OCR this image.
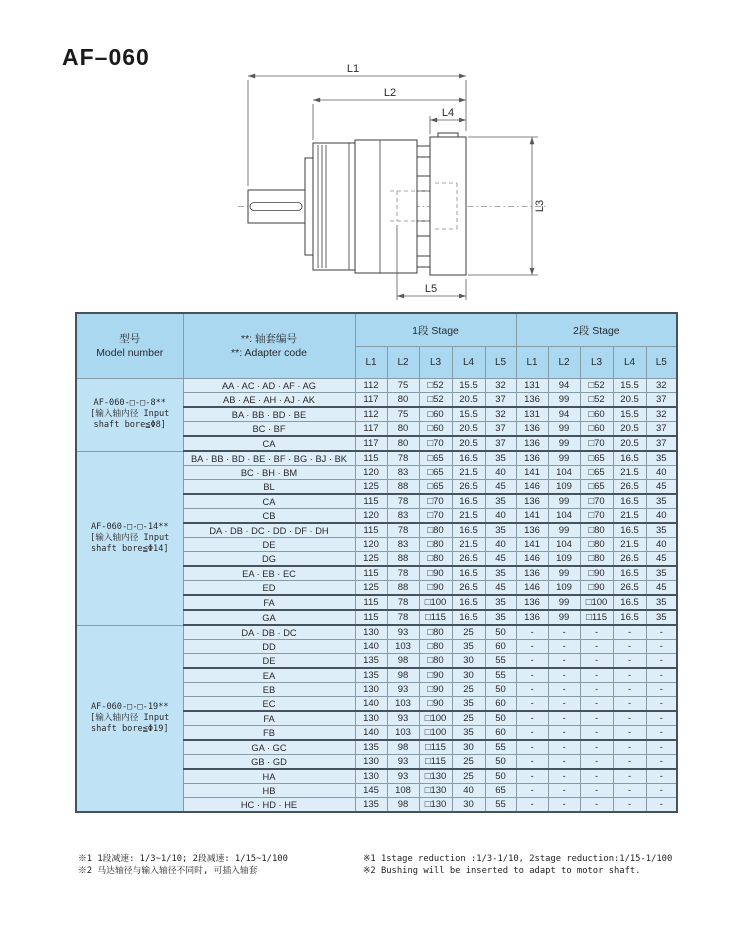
AF–060	L1
L2
L4
L3
L5
型号
Model number

**: 轴套编号
**: Adapter code
	1段 Stage	2段 Stage
		L1	L2	L3	L4	L5	L1	L2	L3	L4	L5

AF-060-□-□-8**
[输入轴内径 Input
shaft bore≦Φ8]	AA · AC · AD · AF · AG	112	75	□52	15.5	32	131	94	□52	15.5	32
	AB · AE · AH · AJ · AK	117	80	□52	20.5	37	136	99	□52	20.5	37
	BA · BB · BD · BE	112	75	□60	15.5	32	131	94	□60	15.5	32
	BC · BF	117	80	□60	20.5	37	136	99	□60	20.5	37
	CA	117	80	□70	20.5	37	136	99	□70	20.5	37

AF-060-□-□-14**
[输入轴内径 Input
shaft bore≦Φ14]	BA · BB · BD · BE · BF · BG · BJ · BK	115	78	□65	16.5	35	136	99	□65	16.5	35
	BC · BH · BM	120	83	□65	21.5	40	141	104	□65	21.5	40
	BL	125	88	□65	26.5	45	146	109	□65	26.5	45
	CA	115	78	□70	16.5	35	136	99	□70	16.5	35
	CB	120	83	□70	21.5	40	141	104	□70	21.5	40
	DA · DB · DC · DD · DF · DH	115	78	□80	16.5	35	136	99	□80	16.5	35
	DE	120	83	□80	21.5	40	141	104	□80	21.5	40
	DG	125	88	□80	26.5	45	146	109	□80	26.5	45
	EA · EB · EC	115	78	□90	16.5	35	136	99	□90	16.5	35
	ED	125	88	□90	26.5	45	146	109	□90	26.5	45
	FA	115	78	□100	16.5	35	136	99	□100	16.5	35
	GA	115	78	□115	16.5	35	136	99	□115	16.5	35

AF-060-□-□-19**
[输入轴内径 Input
shaft bore≦Φ19]	DA · DB · DC	130	93	□80	25	50	-	-	-	-	-
	DD	140	103	□80	35	60	-	-	-	-	-
	DE	135	98	□80	30	55	-	-	-	-	-
	EA	135	98	□90	30	55	-	-	-	-	-
	EB	130	93	□90	25	50	-	-	-	-	-
	EC	140	103	□90	35	60	-	-	-	-	-
	FA	130	93	□100	25	50	-	-	-	-	-
	FB	140	103	□100	35	60	-	-	-	-	-
	GA · GC	135	98	□115	30	55	-	-	-	-	-
	GB · GD	130	93	□115	25	50	-	-	-	-	-
	HA	130	93	□130	25	50	-	-	-	-	-
	HB	145	108	□130	40	65	-	-	-	-	-
	HC · HD · HE	135	98	□130	30	55	-	-	-	-	-
※1 1段减速: 1/3~1/10; 2段减速: 1/15~1/100
※2 马达轴径与输入轴径不同时, 可插入轴套
※1 1stage reduction :1/3-1/10, 2stage reduction:1/15-1/100
※2 Bushing will be inserted to adapt to motor shaft.
